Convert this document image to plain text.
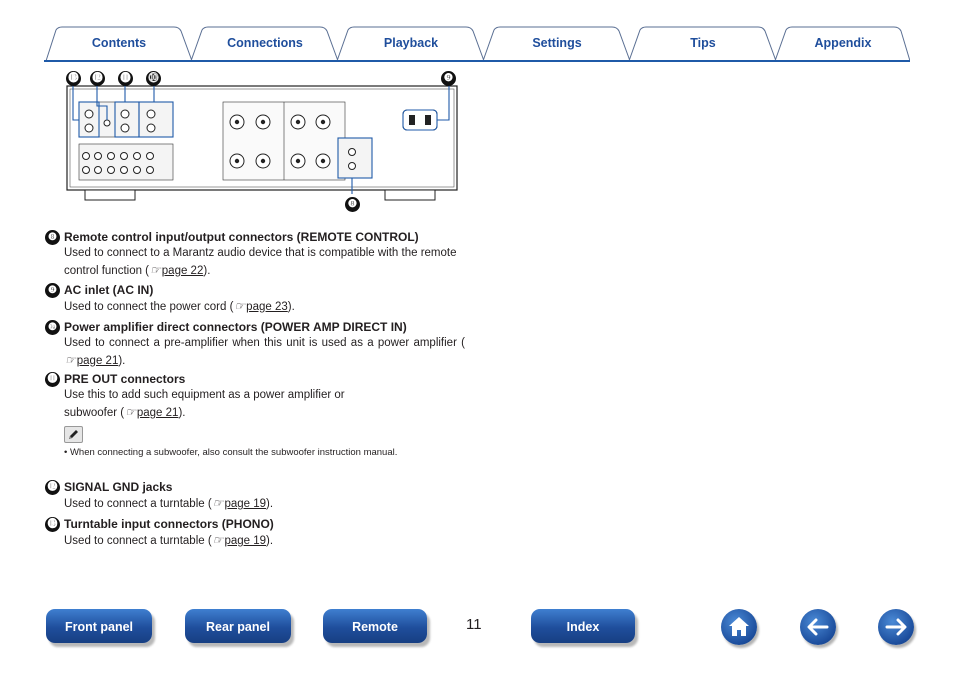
Contents	Connections	Playback	Settings	Tips	Appendix
⓭ ⓬ ⓫ ⓾	❾
❽
❽ Remote control input/output connectors (REMOTE CONTROL)
Used to connect to a Marantz audio device that is compatible with the remote control function (☞page 22).
❾ AC inlet (AC IN)
Used to connect the power cord (☞page 23).
❿ Power amplifier direct connectors (POWER AMP DIRECT IN)
Used to connect a pre-amplifier when this unit is used as a power amplifier (☞page 21).
⓫ PRE OUT connectors
Use this to add such equipment as a power amplifier or subwoofer (☞page 21).
• When connecting a subwoofer, also consult the subwoofer instruction manual.
⓬ SIGNAL GND jacks
Used to connect a turntable (☞page 19).
⓭ Turntable input connectors (PHONO)
Used to connect a turntable (☞page 19).
Front panel	Rear panel	Remote	11	Index
